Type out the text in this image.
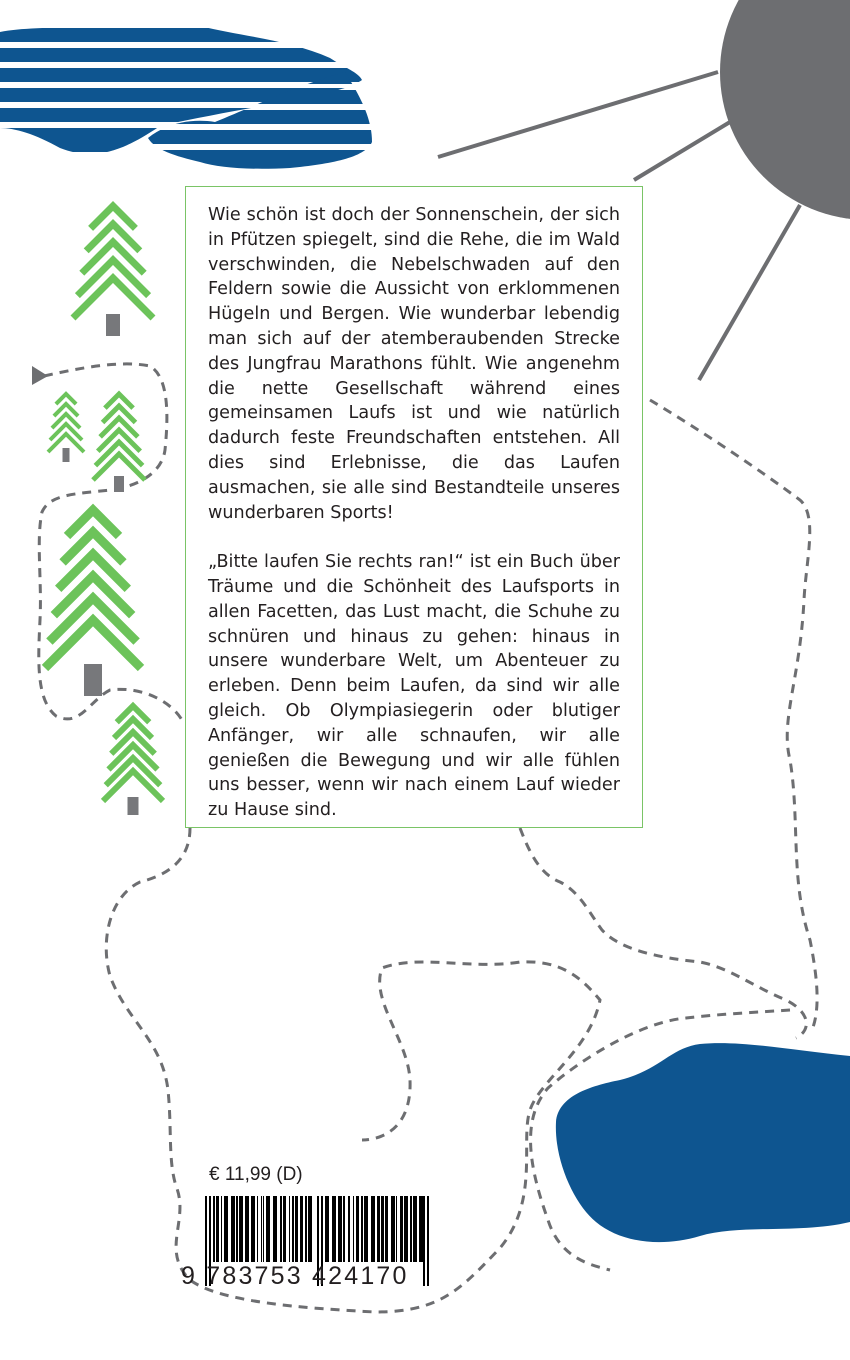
Wie schön ist doch der Sonnenschein, der sich in Pfützen spiegelt, sind die Rehe, die im Wald verschwinden, die Nebelschwaden auf den Feldern sowie die Aussicht von erklommenen Hügeln und Bergen. Wie wunderbar lebendig man sich auf der atemberaubenden Strecke des Jungfrau Marathons fühlt. Wie angenehm die nette Gesellschaft während eines gemeinsamen Laufs ist und wie natürlich dadurch feste Freundschaften entstehen. All dies sind Erlebnisse, die das Laufen ausmachen, sie alle sind Bestandteile unseres wunderbaren Sports!

„Bitte laufen Sie rechts ran!“ ist ein Buch über Träume und die Schönheit des Laufsports in allen Facetten, das Lust macht, die Schuhe zu schnüren und hinaus zu gehen: hinaus in unsere wunderbare Welt, um Abenteuer zu erleben. Denn beim Laufen, da sind wir alle gleich. Ob Olympiasiegerin oder blutiger Anfänger, wir alle schnaufen, wir alle genießen die Bewegung und wir alle fühlen uns besser, wenn wir nach einem Lauf wieder zu Hause sind.

€ 11,99 (D)
9 783753 424170
